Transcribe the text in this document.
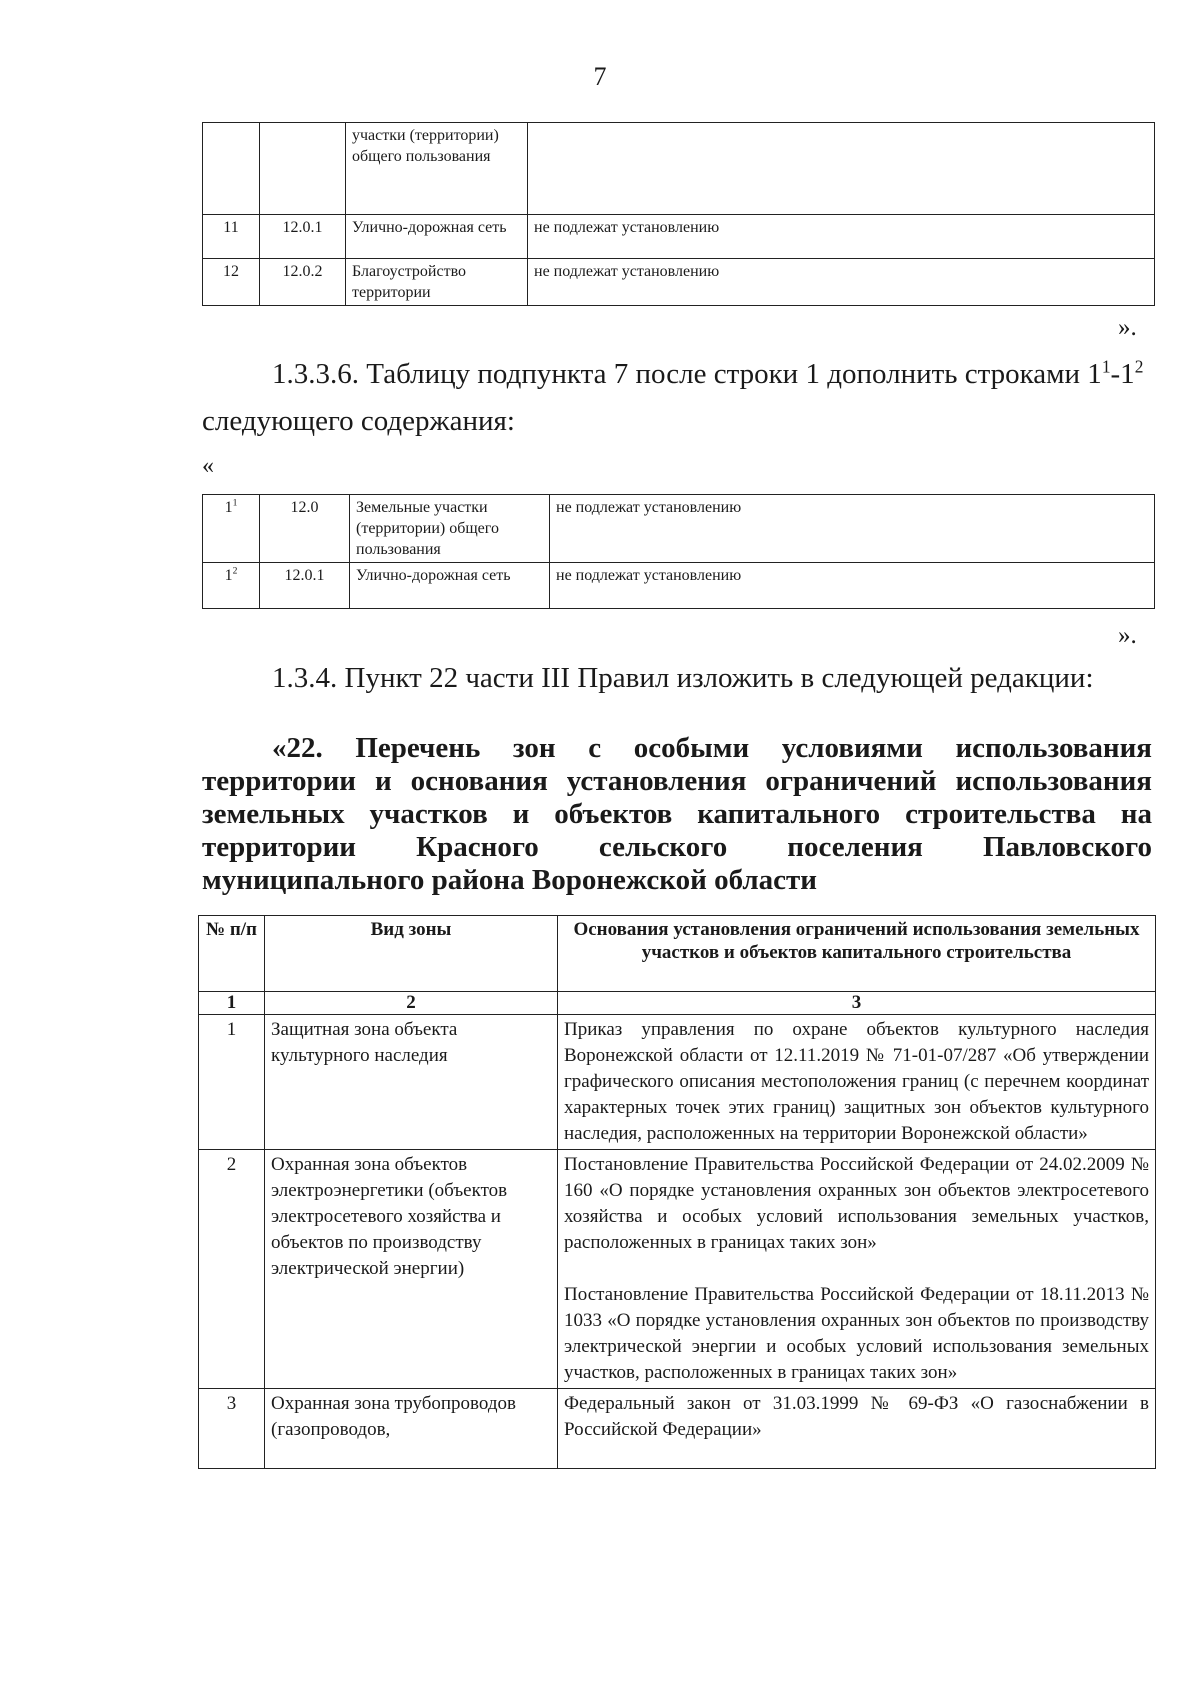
7
		участки (территории) общего пользования	
11	12.0.1	Улично-дорожная сеть	не подлежат установлению
12	12.0.2	Благоустройство территории	не подлежат установлению
».
1.3.3.6. Таблицу подпункта 7 после строки 1 дополнить строками $1^1-1^2$
следующего содержания:
«
$1^1$	12.0	Земельные участки (территории) общего пользования	не подлежат установлению
$1^2$	12.0.1	Улично-дорожная сеть	не подлежат установлению
».
1.3.4. Пункт 22 части III Правил изложить в следующей редакции:
«22. Перечень зон с особыми условиями использования территории и основания установления ограничений использования земельных участков и объектов капитального строительства на территории Красного сельского поселения Павловского муниципального района Воронежской области
№ п/п	Вид зоны	Основания установления ограничений использования земельных участков и объектов капитального строительства
1	2	3
1	Защитная зона объекта культурного наследия	Приказ управления по охране объектов культурного наследия Воронежской области от 12.11.2019 № 71-01-07/287 «Об утверждении графического описания местоположения границ (с перечнем координат характерных точек этих границ) защитных зон объектов культурного наследия, расположенных на территории Воронежской области»

2	Охранная зона объектов электроэнергетики (объектов электросетевого хозяйства и объектов по производству электрической энергии)	Постановление Правительства Российской Федерации от 24.02.2009 № 160 «О порядке установления охранных зон объектов электросетевого хозяйства и особых условий использования земельных участков, расположенных в границах таких зон»
Постановление Правительства Российской Федерации от 18.11.2013 № 1033 «О порядке установления охранных зон объектов по производству электрической энергии и особых условий использования земельных участков, расположенных в границах таких зон»

3	Охранная зона трубопроводов (газопроводов,	Федеральный закон от 31.03.1999 № 69-ФЗ «О газоснабжении в Российской Федерации»
